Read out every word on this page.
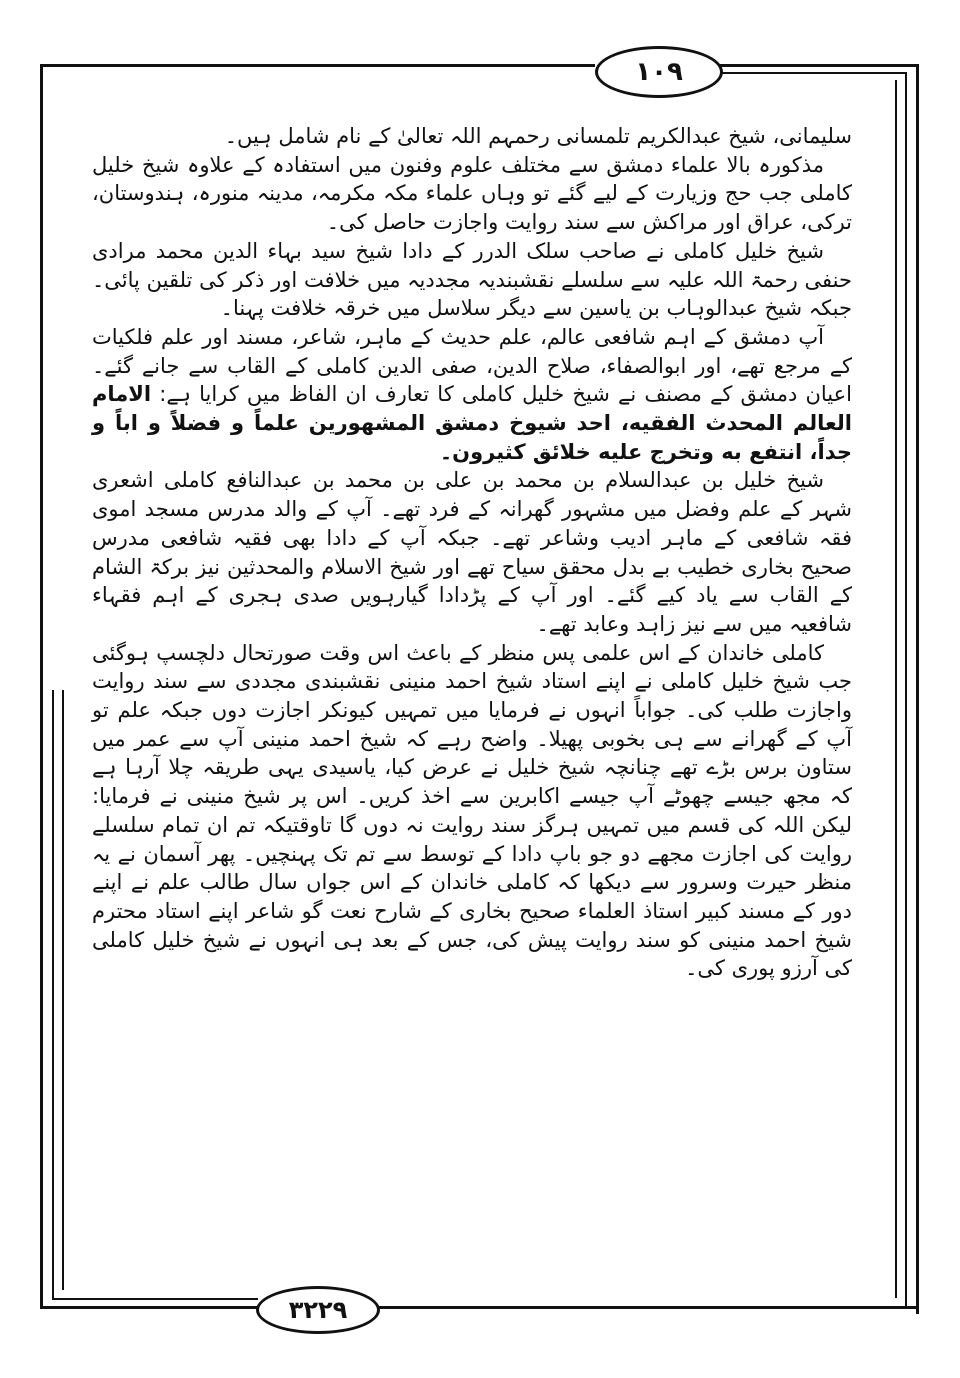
۱۰۹

سلیمانی، شیخ عبدالکریم تلمسانی رحمہم اللہ تعالیٰ کے نام شامل ہیں۔

مذکورہ بالا علماء دمشق سے مختلف علوم وفنون میں استفادہ کے علاوہ شیخ خلیل کاملی جب حج وزیارت کے لیے گئے تو وہاں علماء مکہ مکرمہ، مدینہ منورہ، ہندوستان، ترکی، عراق اور مراکش سے سند روایت واجازت حاصل کی۔

شیخ خلیل کاملی نے صاحب سلک الدرر کے دادا شیخ سید بہاء الدین محمد مرادی حنفی رحمۃ اللہ علیہ سے سلسلے نقشبندیہ مجددیہ میں خلافت اور ذکر کی تلقین پائی۔ جبکہ شیخ عبدالوہاب بن یاسین سے دیگر سلاسل میں خرقہ خلافت پہنا۔

آپ دمشق کے اہم شافعی عالم، علم حدیث کے ماہر، شاعر، مسند اور علم فلکیات کے مرجع تھے، اور ابوالصفاء، صلاح الدین، صفی الدین کاملی کے القاب سے جانے گئے۔ اعیان دمشق کے مصنف نے شیخ خلیل کاملی کا تعارف ان الفاظ میں کرایا ہے: الامام العالم المحدث الفقیه، احد شیوخ دمشق المشهورین علماً و فضلاً و اباً و جداً، انتفع به وتخرج علیه خلائق کثیرون۔

شیخ خلیل بن عبدالسلام بن محمد بن علی بن محمد بن عبدالنافع کاملی اشعری شہر کے علم وفضل میں مشہور گھرانہ کے فرد تھے۔ آپ کے والد مدرس مسجد اموی فقہ شافعی کے ماہر ادیب وشاعر تھے۔ جبکہ آپ کے دادا بھی فقیہ شافعی مدرس صحیح بخاری خطیب بے بدل محقق سیاح تھے اور شیخ الاسلام والمحدثین نیز برکۃ الشام کے القاب سے یاد کیے گئے۔ اور آپ کے پڑدادا گیارہویں صدی ہجری کے اہم فقہاء شافعیہ میں سے نیز زاہد وعابد تھے۔

کاملی خاندان کے اس علمی پس منظر کے باعث اس وقت صورتحال دلچسپ ہوگئی جب شیخ خلیل کاملی نے اپنے استاد شیخ احمد منینی نقشبندی مجددی سے سند روایت واجازت طلب کی۔ جواباً انہوں نے فرمایا میں تمہیں کیونکر اجازت دوں جبکہ علم تو آپ کے گھرانے سے ہی بخوبی پھیلا۔ واضح رہے کہ شیخ احمد منینی آپ سے عمر میں ستاون برس بڑے تھے چنانچہ شیخ خلیل نے عرض کیا، یاسیدی یہی طریقہ چلا آرہا ہے کہ مجھ جیسے چھوٹے آپ جیسے اکابرین سے اخذ کریں۔ اس پر شیخ منینی نے فرمایا: لیکن اللہ کی قسم میں تمہیں ہرگز سند روایت نہ دوں گا تاوقتیکہ تم ان تمام سلسلے روایت کی اجازت مجھے دو جو باپ دادا کے توسط سے تم تک پہنچیں۔ پھر آسمان نے یہ منظر حیرت وسرور سے دیکھا کہ کاملی خاندان کے اس جواں سال طالب علم نے اپنے دور کے مسند کبیر استاذ العلماء صحیح بخاری کے شارح نعت گو شاعر اپنے استاد محترم شیخ احمد منینی کو سند روایت پیش کی، جس کے بعد ہی انہوں نے شیخ خلیل کاملی کی آرزو پوری کی۔

۳۲۲۹
